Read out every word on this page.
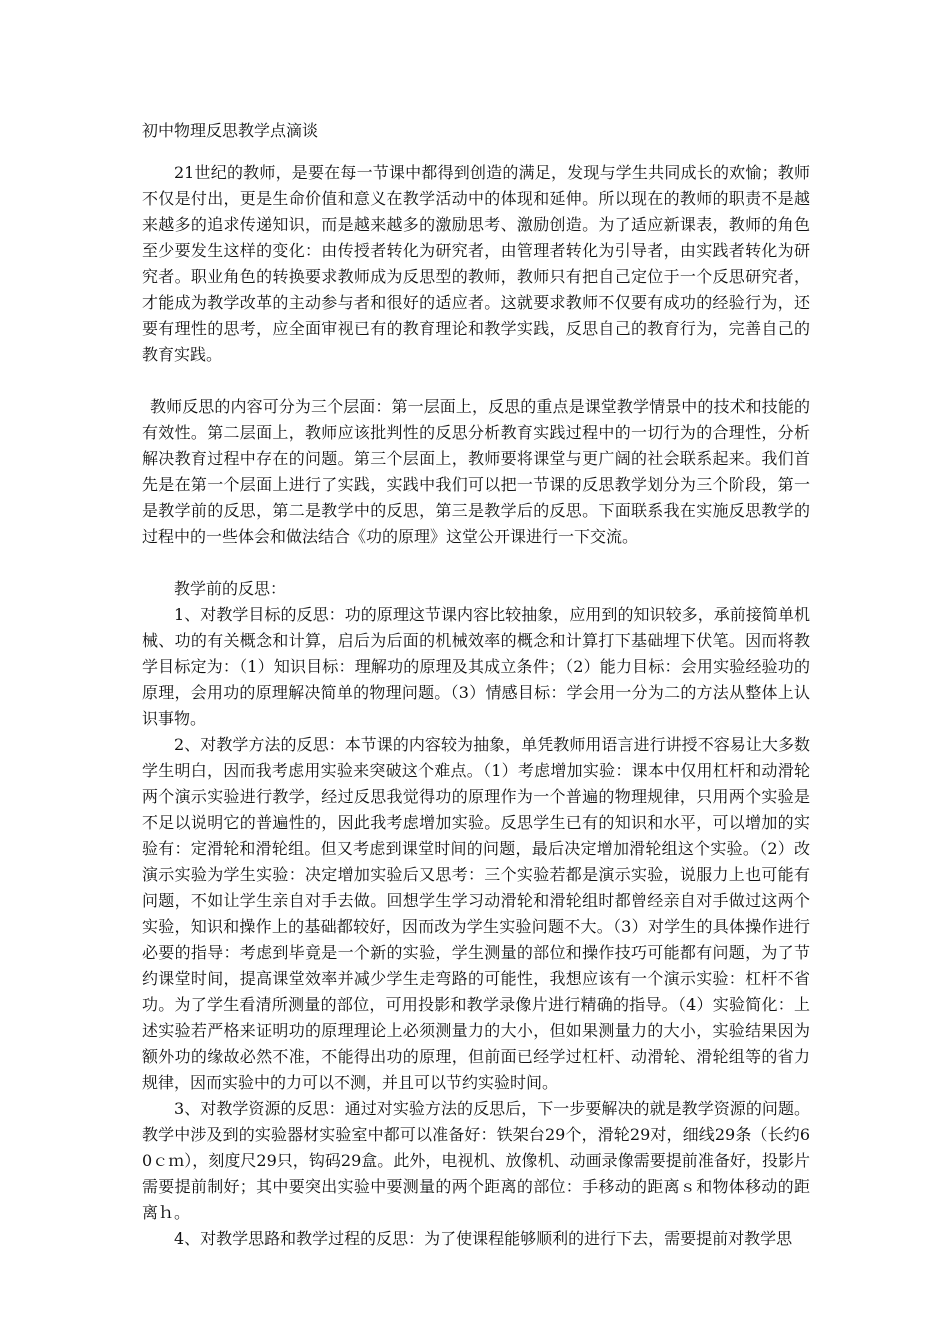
初中物理反思教学点滴谈

21世纪的教师，是要在每一节课中都得到创造的满足，发现与学生共同成长的欢愉；教师不仅是付出，更是生命价值和意义在教学活动中的体现和延伸。所以现在的教师的职责不是越来越多的追求传递知识，而是越来越多的激励思考、激励创造。为了适应新课表，教师的角色至少要发生这样的变化：由传授者转化为研究者，由管理者转化为引导者，由实践者转化为研究者。职业角色的转换要求教师成为反思型的教师，教师只有把自己定位于一个反思研究者，才能成为教学改革的主动参与者和很好的适应者。这就要求教师不仅要有成功的经验行为，还要有理性的思考，应全面审视已有的教育理论和教学实践，反思自己的教育行为，完善自己的教育实践。

教师反思的内容可分为三个层面：第一层面上，反思的重点是课堂教学情景中的技术和技能的有效性。第二层面上，教师应该批判性的反思分析教育实践过程中的一切行为的合理性，分析解决教育过程中存在的问题。第三个层面上，教师要将课堂与更广阔的社会联系起来。我们首先是在第一个层面上进行了实践，实践中我们可以把一节课的反思教学划分为三个阶段，第一是教学前的反思，第二是教学中的反思，第三是教学后的反思。下面联系我在实施反思教学的过程中的一些体会和做法结合《功的原理》这堂公开课进行一下交流。

教学前的反思：

1、对教学目标的反思：功的原理这节课内容比较抽象，应用到的知识较多，承前接简单机械、功的有关概念和计算，启后为后面的机械效率的概念和计算打下基础埋下伏笔。因而将教学目标定为：（1）知识目标：理解功的原理及其成立条件；（2）能力目标：会用实验经验功的原理，会用功的原理解决简单的物理问题。（3）情感目标：学会用一分为二的方法从整体上认识事物。

2、对教学方法的反思：本节课的内容较为抽象，单凭教师用语言进行讲授不容易让大多数学生明白，因而我考虑用实验来突破这个难点。（1）考虑增加实验：课本中仅用杠杆和动滑轮两个演示实验进行教学，经过反思我觉得功的原理作为一个普遍的物理规律，只用两个实验是不足以说明它的普遍性的，因此我考虑增加实验。反思学生已有的知识和水平，可以增加的实验有：定滑轮和滑轮组。但又考虑到课堂时间的问题，最后决定增加滑轮组这个实验。（2）改演示实验为学生实验：决定增加实验后又思考：三个实验若都是演示实验，说服力上也可能有问题，不如让学生亲自对手去做。回想学生学习动滑轮和滑轮组时都曾经亲自对手做过这两个实验，知识和操作上的基础都较好，因而改为学生实验问题不大。（3）对学生的具体操作进行必要的指导：考虑到毕竟是一个新的实验，学生测量的部位和操作技巧可能都有问题，为了节约课堂时间，提高课堂效率并减少学生走弯路的可能性，我想应该有一个演示实验：杠杆不省功。为了学生看清所测量的部位，可用投影和教学录像片进行精确的指导。（4）实验简化：上述实验若严格来证明功的原理理论上必须测量力的大小，但如果测量力的大小，实验结果因为额外功的缘故必然不准，不能得出功的原理，但前面已经学过杠杆、动滑轮、滑轮组等的省力规律，因而实验中的力可以不测，并且可以节约实验时间。

3、对教学资源的反思：通过对实验方法的反思后，下一步要解决的就是教学资源的问题。教学中涉及到的实验器材实验室中都可以准备好：铁架台29个，滑轮29对，细线29条（长约60ｃｍ），刻度尺29只，钩码29盒。此外，电视机、放像机、动画录像需要提前准备好，投影片需要提前制好；其中要突出实验中要测量的两个距离的部位：手移动的距离ｓ和物体移动的距离ｈ。

4、对教学思路和教学过程的反思：为了使课程能够顺利的进行下去，需要提前对教学思
